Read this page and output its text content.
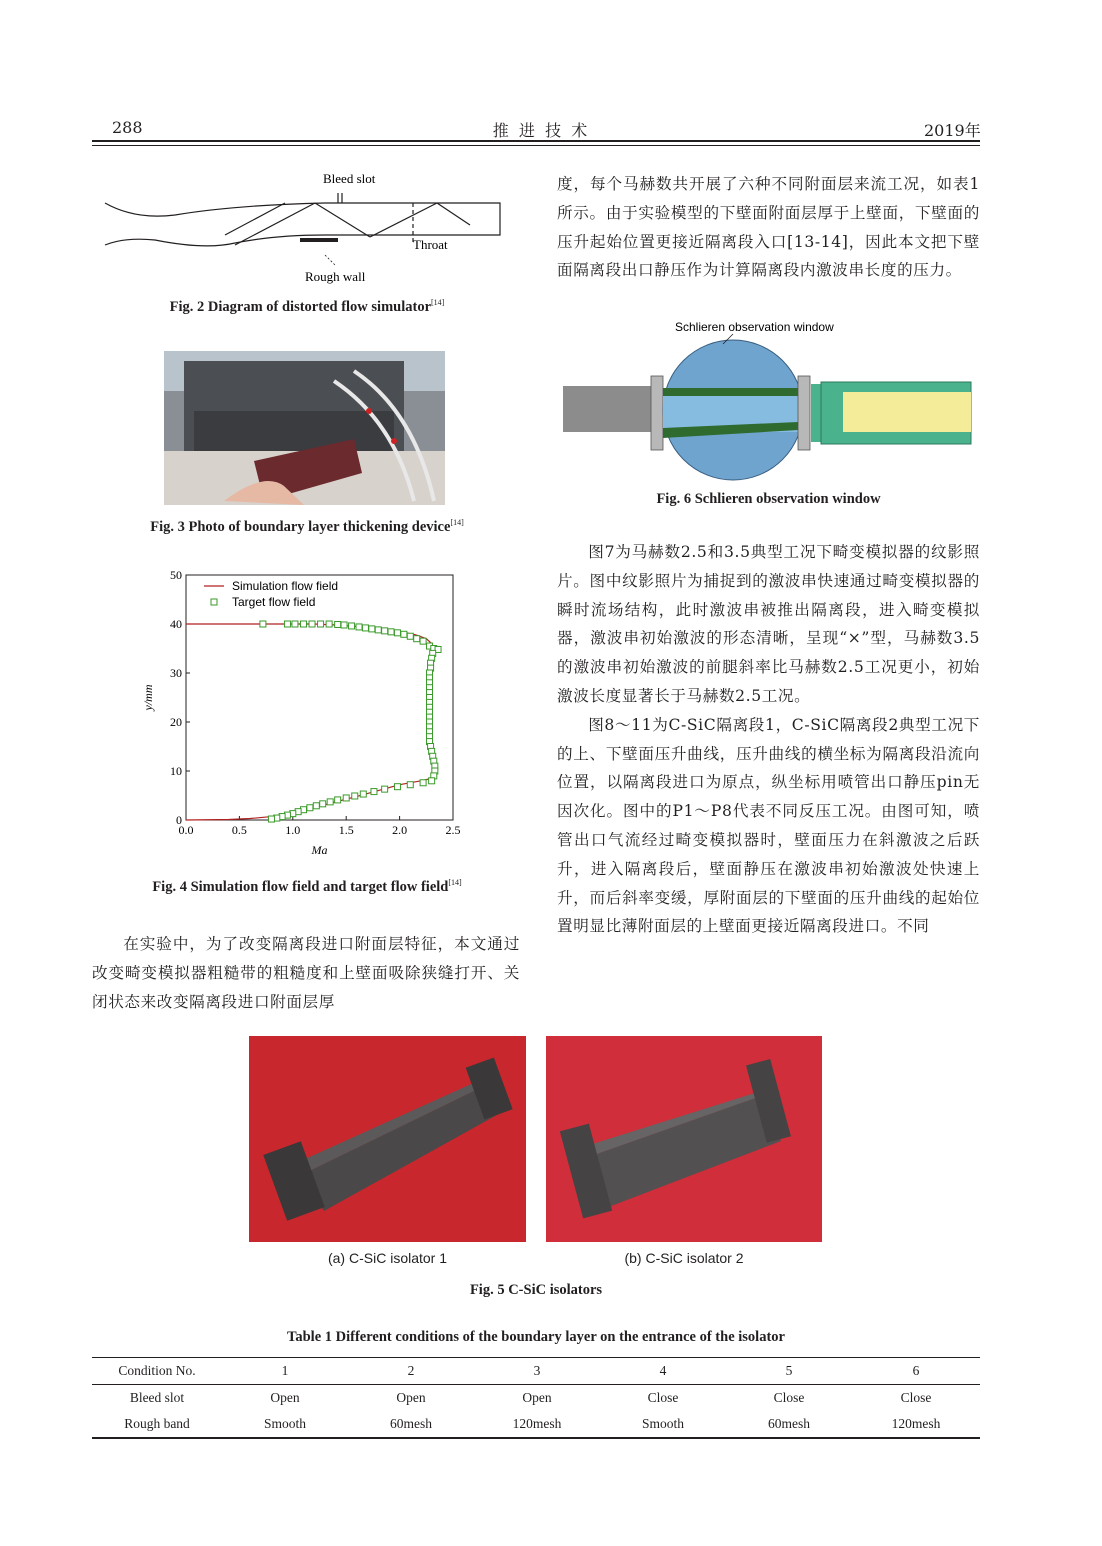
288	推  进  技  术	2019年
Bleed slot
Throat
Rough wall
Fig. 2 Diagram of distorted flow simulator[14]
Fig. 3 Photo of boundary layer thickening device[14]
0.0	0.5	1.0	1.5	2.0	2.5
0
10
20
30
40
50
Ma
y/mm
Simulation flow field
Target flow field
Fig. 4 Simulation flow field and target flow field[14]

在实验中，为了改变隔离段进口附面层特征，本文通过改变畸变模拟器粗糙带的粗糙度和上壁面吸除狭缝打开、关闭状态来改变隔离段进口附面层厚

度，每个马赫数共开展了六种不同附面层来流工况，如表1所示。由于实验模型的下壁面附面层厚于上壁面，下壁面的压升起始位置更接近隔离段入口[13-14]，因此本文把下壁面隔离段出口静压作为计算隔离段内激波串长度的压力。

Schlieren observation window
Fig. 6 Schlieren observation window

图7为马赫数2.5和3.5典型工况下畸变模拟器的纹影照片。图中纹影照片为捕捉到的激波串快速通过畸变模拟器的瞬时流场结构，此时激波串被推出隔离段，进入畸变模拟器，激波串初始激波的形态清晰，呈现“×”型，马赫数3.5的激波串初始激波的前腿斜率比马赫数2.5工况更小，初始激波长度显著长于马赫数2.5工况。

图8～11为C-SiC隔离段1，C-SiC隔离段2典型工况下的上、下壁面压升曲线，压升曲线的横坐标为隔离段沿流向位置，以隔离段进口为原点，纵坐标用喷管出口静压pin无因次化。图中的P1～P8代表不同反压工况。由图可知，喷管出口气流经过畸变模拟器时，壁面压力在斜激波之后跃升，进入隔离段后，壁面静压在激波串初始激波处快速上升，而后斜率变缓，厚附面层的下壁面的压升曲线的起始位置明显比薄附面层的上壁面更接近隔离段进口。不同

(a) C-SiC isolator 1	(b) C-SiC isolator 2
Fig. 5 C-SiC isolators
Table 1 Different conditions of the boundary layer on the entrance of the isolator
Condition No.	1	2	3	4	5	6
Bleed slot	Open	Open	Open	Close	Close	Close
Rough band	Smooth	60mesh	120mesh	Smooth	60mesh	120mesh
